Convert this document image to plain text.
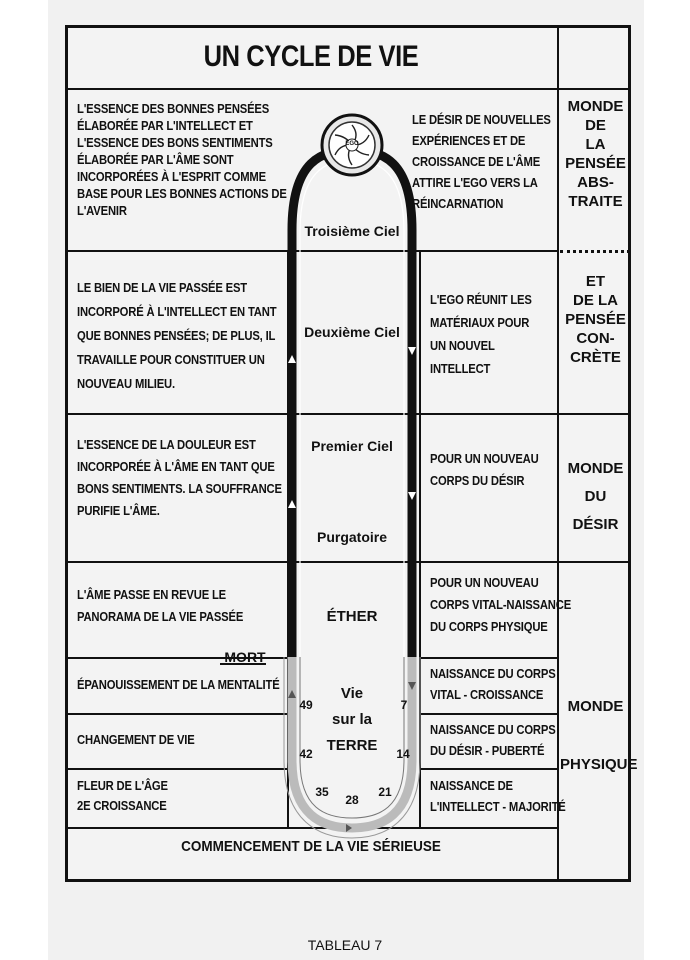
UN CYCLE DE VIE
EGO
Troisième Ciel
Deuxième Ciel
Premier Ciel
Purgatoire
ÉTHER
MORT
Vie
sur la
TERRE
7
14
21
28
35
42
49
L'ESSENCE DES BONNES PENSÉES
ÉLABORÉE PAR L'INTELLECT ET
L'ESSENCE DES BONS SENTIMENTS
ÉLABORÉE PAR L'ÂME SONT
INCORPORÉES À L'ESPRIT COMME
BASE POUR LES BONNES ACTIONS DE
L'AVENIR
LE BIEN DE LA VIE PASSÉE EST
INCORPORÉ À L'INTELLECT EN TANT
QUE BONNES PENSÉES; DE PLUS, IL
TRAVAILLE POUR CONSTITUER UN
NOUVEAU MILIEU.
L'ESSENCE DE LA DOULEUR EST
INCORPORÉE À L'ÂME EN TANT QUE
BONS SENTIMENTS. LA SOUFFRANCE
PURIFIE L'ÂME.
L'ÂME PASSE EN REVUE LE
PANORAMA DE LA VIE PASSÉE
ÉPANOUISSEMENT DE LA MENTALITÉ
CHANGEMENT DE VIE
FLEUR DE L'ÂGE
2E CROISSANCE
LE DÉSIR DE NOUVELLES
EXPÉRIENCES ET DE
CROISSANCE DE L'ÂME
ATTIRE L'EGO VERS LA
RÉINCARNATION
L'EGO RÉUNIT LES
MATÉRIAUX POUR
UN NOUVEL
INTELLECT
POUR UN NOUVEAU
CORPS DU DÉSIR
POUR UN NOUVEAU
CORPS VITAL-NAISSANCE
DU CORPS PHYSIQUE
NAISSANCE DU CORPS
VITAL - CROISSANCE
NAISSANCE DU CORPS
DU DÉSIR - PUBERTÉ
NAISSANCE DE
L'INTELLECT - MAJORITÉ
MONDE
DE
LA
PENSÉE
ABS-
TRAITE
ET
DE LA
PENSÉE
CON-
CRÈTE
MONDE
DU
DÉSIR
MONDE
PHYSIQUE
COMMENCEMENT DE LA VIE SÉRIEUSE
TABLEAU 7
